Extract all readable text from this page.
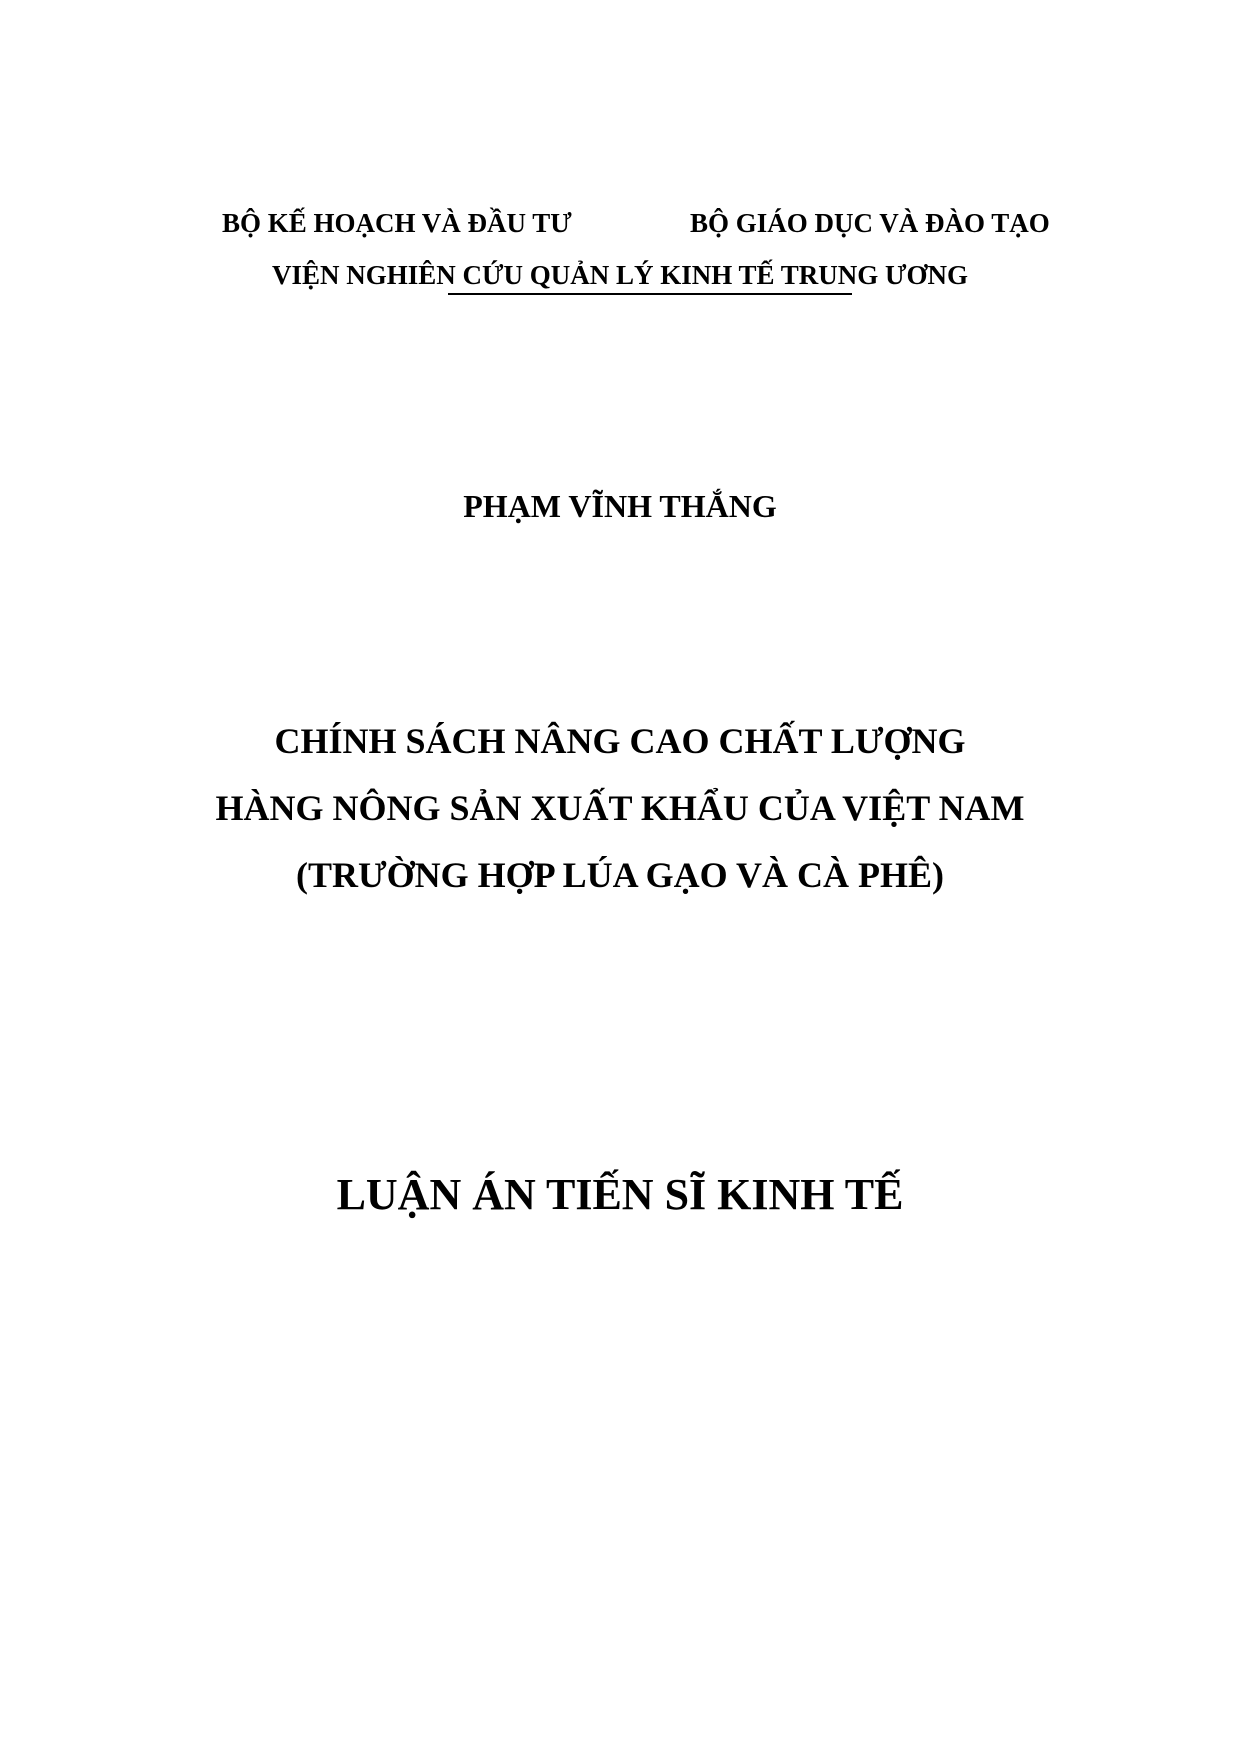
BỘ KẾ HOẠCH VÀ ĐẦU TƯ	BỘ GIÁO DỤC VÀ ĐÀO TẠO
VIỆN NGHIÊN CỨU QUẢN LÝ KINH TẾ TRUNG ƯƠNG
PHẠM VĨNH THẮNG
CHÍNH SÁCH NÂNG CAO CHẤT LƯỢNG
HÀNG NÔNG SẢN XUẤT KHẨU CỦA VIỆT NAM
(TRƯỜNG HỢP LÚA GẠO VÀ CÀ PHÊ)
LUẬN ÁN TIẾN SĨ KINH TẾ
